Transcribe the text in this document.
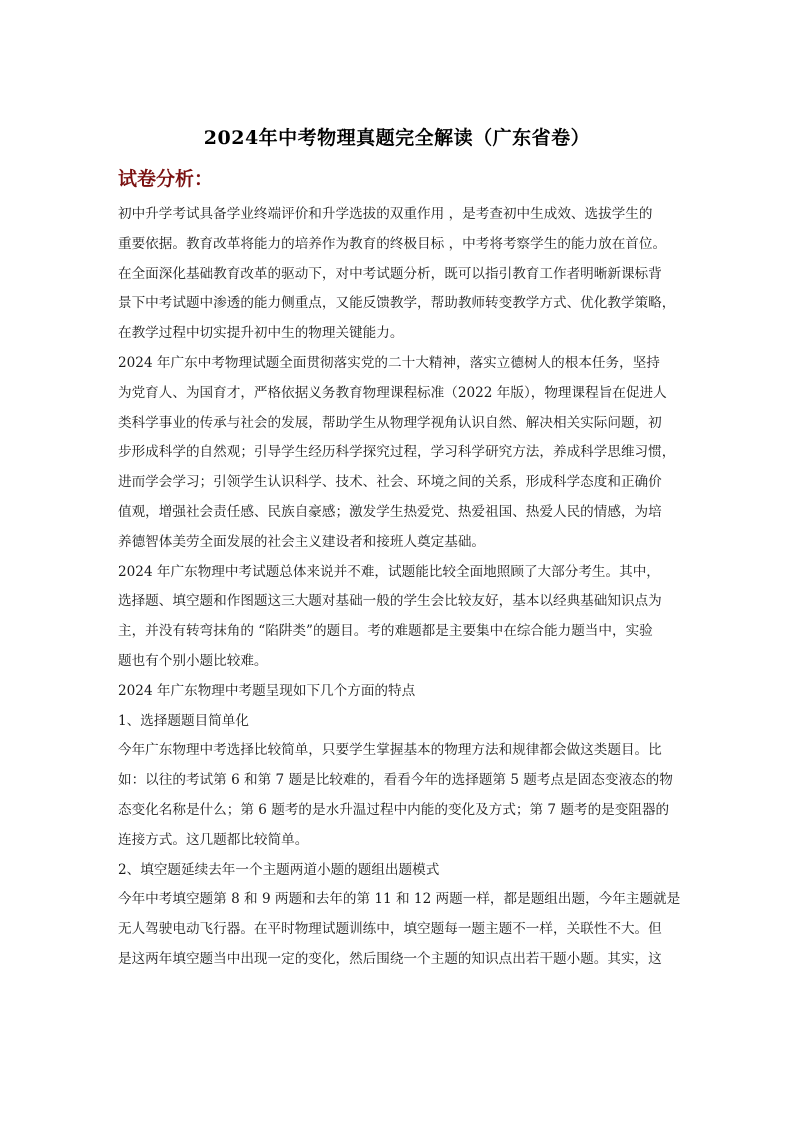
2024年中考物理真题完全解读（广东省卷）
试卷分析：
初中升学考试具备学业终端评价和升学选拔的双重作用 ，是考查初中生成效、选拔学生的
重要依据。教育改革将能力的培养作为教育的终极目标 ，中考将考察学生的能力放在首位。
在全面深化基础教育改革的驱动下，对中考试题分析，既可以指引教育工作者明晰新课标背
景下中考试题中渗透的能力侧重点，又能反馈教学，帮助教师转变教学方式、优化教学策略，
在教学过程中切实提升初中生的物理关键能力。
2024 年广东中考物理试题全面贯彻落实党的二十大精神，落实立德树人的根本任务，坚持
为党育人、为国育才，严格依据义务教育物理课程标准（2022 年版），物理课程旨在促进人
类科学事业的传承与社会的发展，帮助学生从物理学视角认识自然、解决相关实际问题，初
步形成科学的自然观；引导学生经历科学探究过程，学习科学研究方法，养成科学思维习惯，
进而学会学习；引领学生认识科学、技术、社会、环境之间的关系，形成科学态度和正确价
值观，增强社会责任感、民族自豪感；激发学生热爱党、热爱祖国、热爱人民的情感，为培
养德智体美劳全面发展的社会主义建设者和接班人奠定基础。
2024 年广东物理中考试题总体来说并不难，试题能比较全面地照顾了大部分考生。其中，
选择题、填空题和作图题这三大题对基础一般的学生会比较友好，基本以经典基础知识点为
主，并没有转弯抹角的 “陷阱类”的题目。考的难题都是主要集中在综合能力题当中，实验
题也有个别小题比较难。
2024 年广东物理中考题呈现如下几个方面的特点
1、选择题题目简单化
今年广东物理中考选择比较简单，只要学生掌握基本的物理方法和规律都会做这类题目。比
如：以往的考试第 6 和第 7 题是比较难的，看看今年的选择题第 5 题考点是固态变液态的物
态变化名称是什么；第 6 题考的是水升温过程中内能的变化及方式；第 7 题考的是变阻器的
连接方式。这几题都比较简单。
2、填空题延续去年一个主题两道小题的题组出题模式
今年中考填空题第 8 和 9 两题和去年的第 11 和 12 两题一样，都是题组出题，今年主题就是
无人驾驶电动飞行器。在平时物理试题训练中，填空题每一题主题不一样，关联性不大。但
是这两年填空题当中出现一定的变化，然后围绕一个主题的知识点出若干题小题。其实，这
